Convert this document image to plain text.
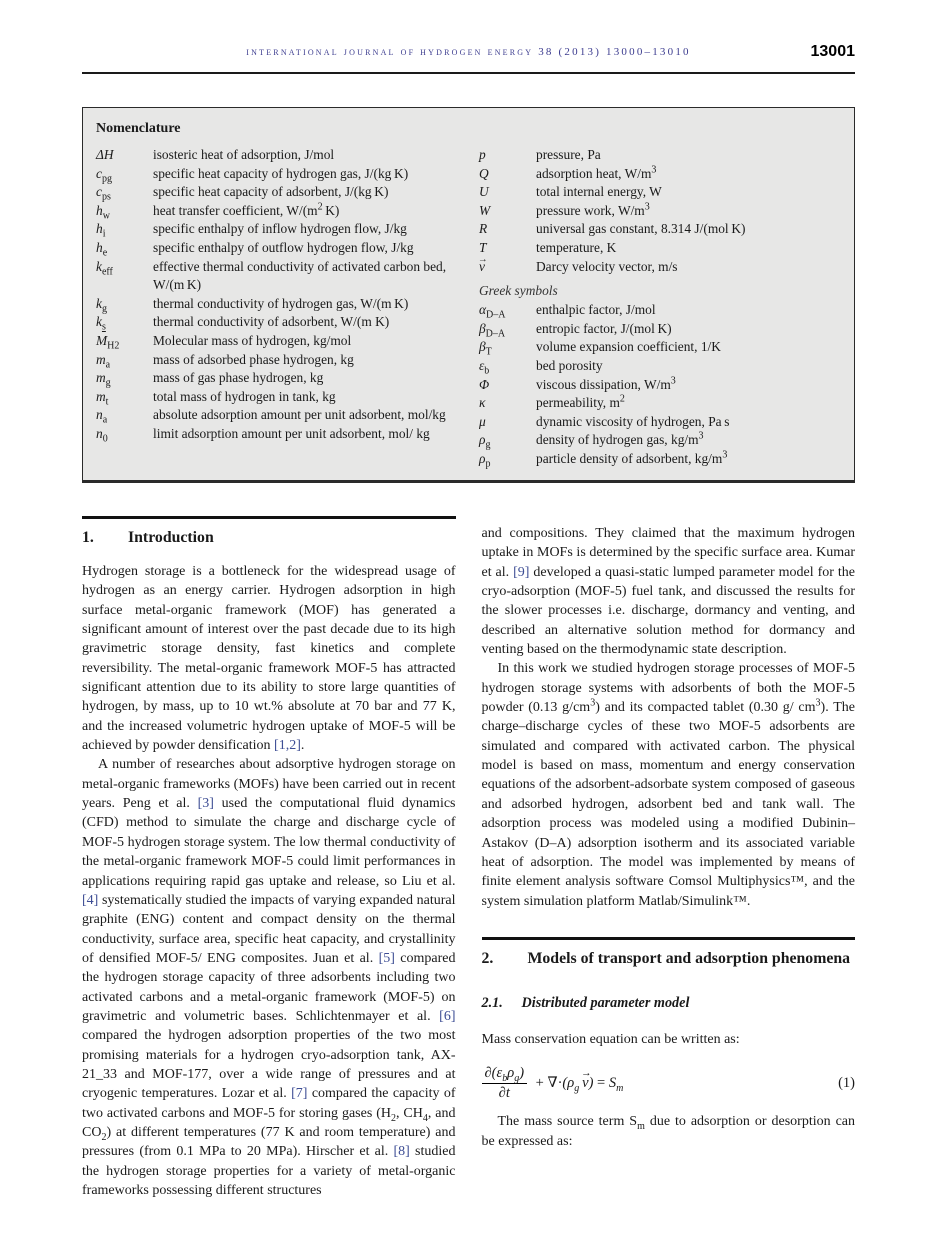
international journal of hydrogen energy 38 (2013) 13000–13010	13001
Nomenclature
ΔH	isosteric heat of adsorption, J/mol
$c_{pg}$	specific heat capacity of hydrogen gas, J/(kg K)
$c_{ps}$	specific heat capacity of adsorbent, J/(kg K)
$h_w$	heat transfer coefficient, $W/(m^2$ K)
$h_i$	specific enthalpy of inflow hydrogen flow, J/kg
$h_e$	specific enthalpy of outflow hydrogen flow, J/kg
$k_{eff}$	effective thermal conductivity of activated carbon bed, W/(m K)
$k_g$	thermal conductivity of hydrogen gas, W/(m K)
$k_s$	thermal conductivity of adsorbent, W/(m K)
$M_{H2}$	Molecular mass of hydrogen, kg/mol
$m_a$	mass of adsorbed phase hydrogen, kg
$m_g$	mass of gas phase hydrogen, kg
$m_t$	total mass of hydrogen in tank, kg
$n_a$	absolute adsorption amount per unit adsorbent, mol/kg
$n_0$	limit adsorption amount per unit adsorbent, mol/ kg
p	pressure, Pa
Q	adsorption heat, $W/m^3$
U	total internal energy, W
W	pressure work, $W/m^3$
R	universal gas constant, 8.314 J/(mol K)
T	temperature, K
→ v	Darcy velocity vector, m/s
Greek symbols
$\alpha_{D-A}$	enthalpic factor, J/mol
$\beta_{D-A}$	entropic factor, J/(mol K)
$\beta_T$	volume expansion coefficient, 1/K
$\varepsilon_b$	bed porosity
Φ	viscous dissipation, $W/m^3$
κ	permeability, $m^2$
μ	dynamic viscosity of hydrogen, Pa s
$\rho_g$	density of hydrogen gas, $kg/m^3$
$\rho_p$	particle density of adsorbent, $kg/m^3$
1. Introduction

Hydrogen storage is a bottleneck for the widespread usage of hydrogen as an energy carrier. Hydrogen adsorption in high surface metal-organic framework (MOF) has generated a significant amount of interest over the past decade due to its high gravimetric storage density, fast kinetics and complete reversibility. The metal-organic framework MOF-5 has attracted significant attention due to its ability to store large quantities of hydrogen, by mass, up to 10 wt.% absolute at 70 bar and 77 K, and the increased volumetric hydrogen uptake of MOF-5 will be achieved by powder densification [1,2].

A number of researches about adsorptive hydrogen storage on metal-organic frameworks (MOFs) have been carried out in recent years. Peng et al. [3] used the computational fluid dynamics (CFD) method to simulate the charge and discharge cycle of MOF-5 hydrogen storage system. The low thermal conductivity of the metal-organic framework MOF-5 could limit performances in applications requiring rapid gas uptake and release, so Liu et al. [4] systematically studied the impacts of varying expanded natural graphite (ENG) content and compact density on the thermal conductivity, surface area, specific heat capacity, and crystallinity of densified MOF-5/ ENG composites. Juan et al. [5] compared the hydrogen storage capacity of three adsorbents including two activated carbons and a metal-organic framework (MOF-5) on gravimetric and volumetric bases. Schlichtenmayer et al. [6] compared the hydrogen adsorption properties of the two most promising materials for a hydrogen cryo-adsorption tank, AX-21_33 and MOF-177, over a wide range of pressures and at cryogenic temperatures. Lozar et al. [7] compared the capacity of two activated carbons and MOF-5 for storing gases ($H_2$, $CH_4$, and $CO_2$) at different temperatures (77 K and room temperature) and pressures (from 0.1 MPa to 20 MPa). Hirscher et al. [8] studied the hydrogen storage properties for a variety of metal-organic frameworks possessing different structures

and compositions. They claimed that the maximum hydrogen uptake in MOFs is determined by the specific surface area. Kumar et al. [9] developed a quasi-static lumped parameter model for the cryo-adsorption (MOF-5) fuel tank, and discussed the results for the slower processes i.e. discharge, dormancy and venting, and described an alternative solution method for dormancy and venting based on the thermodynamic state description.

In this work we studied hydrogen storage processes of MOF-5 hydrogen storage systems with adsorbents of both the MOF-5 powder (0.13 $g/cm^3$) and its compacted tablet (0.30 g/ $cm^3$). The charge–discharge cycles of these two MOF-5 adsorbents are simulated and compared with activated carbon. The physical model is based on mass, momentum and energy conservation equations of the adsorbent-adsorbate system composed of gaseous and adsorbed hydrogen, adsorbent bed and tank wall. The adsorption process was modeled using a modified Dubinin–Astakov (D–A) adsorption isotherm and its associated variable heat of adsorption. The model was implemented by means of finite element analysis software Comsol Multiphysics™, and the system simulation platform Matlab/Simulink™.

2. Models of transport and adsorption phenomena
2.1. Distributed parameter model

Mass conservation equation can be written as:

$\frac{\partial(\varepsilon_b\rho_g)}{\partial t} + \nabla\cdot(\rho_g \to v) = S_m$	(1)

The mass source term $S_m$ due to adsorption or desorption can be expressed as:
